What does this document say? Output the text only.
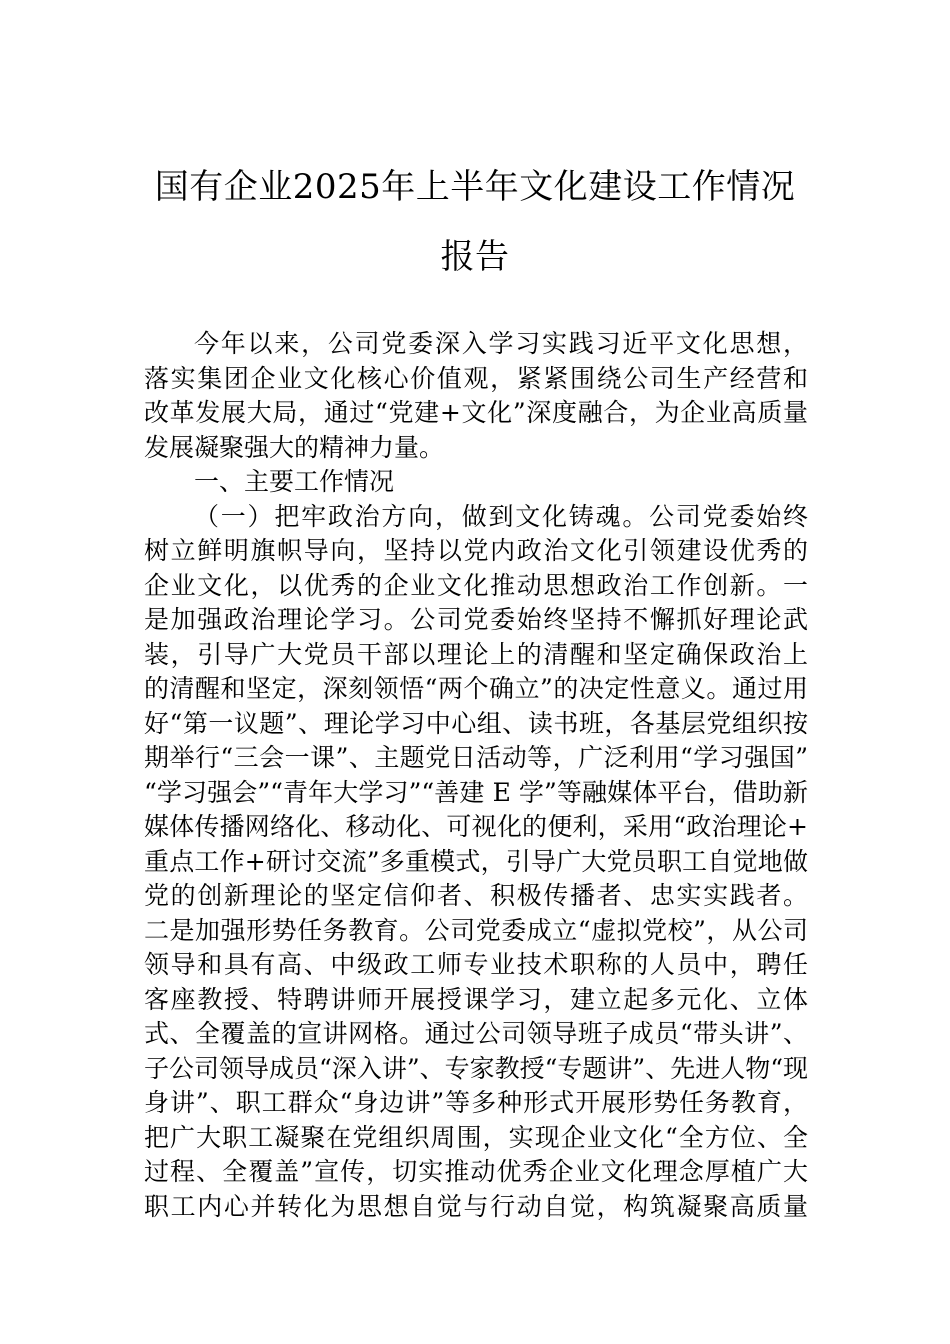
国有企业2025年上半年文化建设工作情况
报告
今年以来，公司党委深入学习实践习近平文化思想，
落实集团企业文化核心价值观，紧紧围绕公司生产经营和
改革发展大局，通过“党建+文化”深度融合，为企业高质量
发展凝聚强大的精神力量。
一、主要工作情况
（一）把牢政治方向，做到文化铸魂。公司党委始终
树立鲜明旗帜导向，坚持以党内政治文化引领建设优秀的
企业文化，以优秀的企业文化推动思想政治工作创新。一
是加强政治理论学习。公司党委始终坚持不懈抓好理论武
装，引导广大党员干部以理论上的清醒和坚定确保政治上
的清醒和坚定，深刻领悟“两个确立”的决定性意义。通过用
好“第一议题”、理论学习中心组、读书班，各基层党组织按
期举行“三会一课”、主题党日活动等，广泛利用“学习强国”
“学习强会”“青年大学习”“善建 E 学”等融媒体平台，借助新
媒体传播网络化、移动化、可视化的便利，采用“政治理论+
重点工作+研讨交流”多重模式，引导广大党员职工自觉地做
党的创新理论的坚定信仰者、积极传播者、忠实实践者。
二是加强形势任务教育。公司党委成立“虚拟党校”，从公司
领导和具有高、中级政工师专业技术职称的人员中，聘任
客座教授、特聘讲师开展授课学习，建立起多元化、立体
式、全覆盖的宣讲网格。通过公司领导班子成员“带头讲”、
子公司领导成员“深入讲”、专家教授“专题讲”、先进人物“现
身讲”、职工群众“身边讲”等多种形式开展形势任务教育，
把广大职工凝聚在党组织周围，实现企业文化“全方位、全
过程、全覆盖”宣传，切实推动优秀企业文化理念厚植广大
职工内心并转化为思想自觉与行动自觉，构筑凝聚高质量
